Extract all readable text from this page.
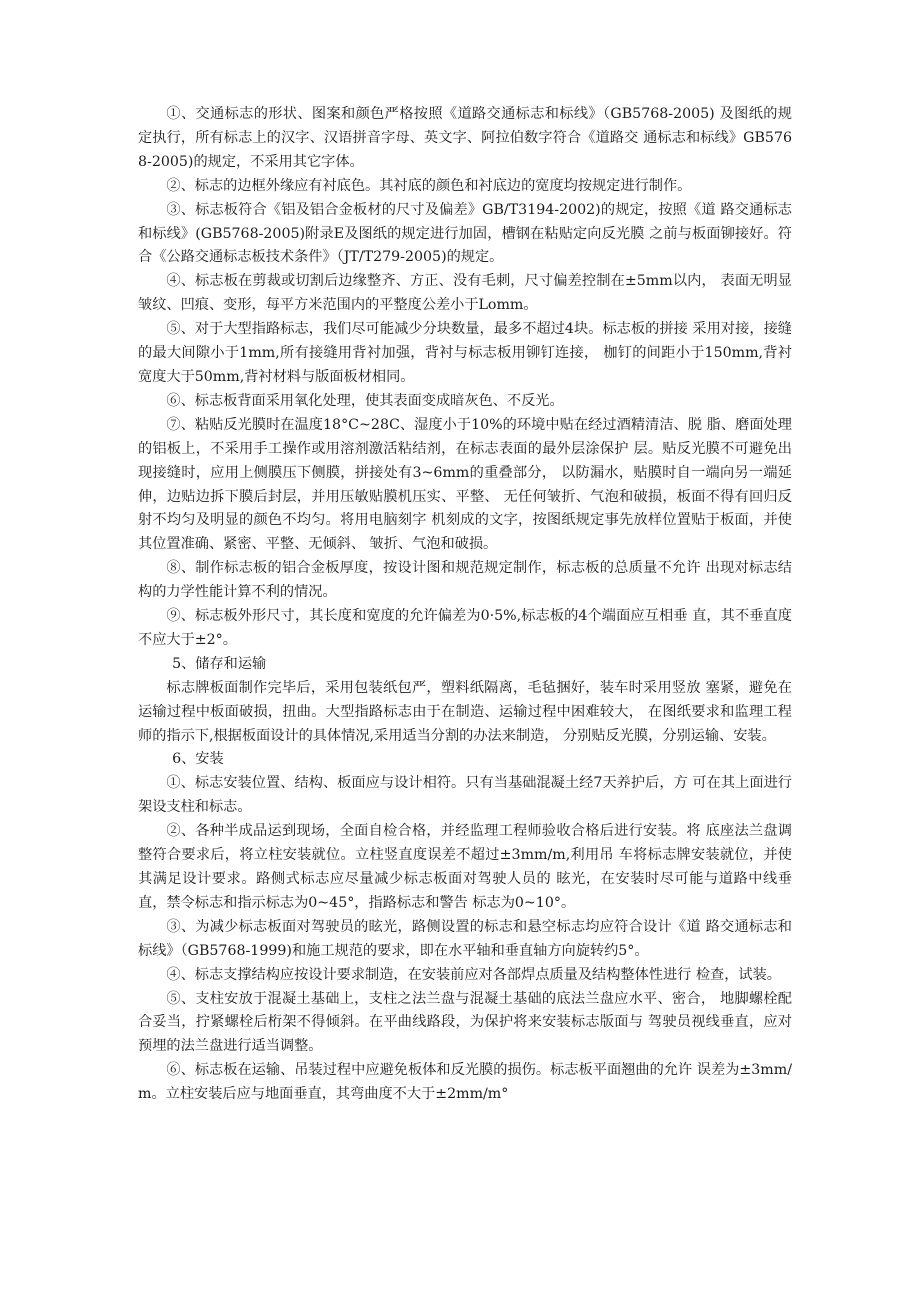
①、交通标志的形状、图案和颜色严格按照《道路交通标志和标线》（GB5768-2005) 及图纸的规定执行，所有标志上的汉字、汉语拼音字母、英文字、阿拉伯数字符合《道路交 通标志和标线》GB5768-2005)的规定，不采用其它字体。

②、标志的边框外缘应有衬底色。其衬底的颜色和衬底边的宽度均按规定进行制作。

③、标志板符合《铝及铝合金板材的尺寸及偏差》GB/T3194-2002)的规定，按照《道 路交通标志和标线》(GB5768-2005)附录E及图纸的规定进行加固，槽钢在粘贴定向反光膜 之前与板面铆接好。符合《公路交通标志板技术条件》（JT/T279-2005)的规定。

④、标志板在剪裁或切割后边缘整齐、方正、没有毛刺，尺寸偏差控制在±5mm以内， 表面无明显皱纹、凹痕、变形，每平方米范围内的平整度公差小于Lomm。

⑤、对于大型指路标志，我们尽可能减少分块数量，最多不超过4块。标志板的拼接 采用对接，接缝的最大间隙小于1mm,所有接缝用背衬加强，背衬与标志板用铆钉连接， 枷钉的间距小于150mm,背衬宽度大于50mm,背衬材料与版面板材相同。

⑥、标志板背面采用氧化处理，使其表面变成暗灰色、不反光。

⑦、粘贴反光膜时在温度18°C~28C、湿度小于10%的环境中贴在经过酒精清洁、脱 脂、磨面处理的铝板上，不采用手工操作或用溶剂激活粘结剂，在标志表面的最外层涂保护 层。贴反光膜不可避免出现接缝时，应用上侧膜压下侧膜，拼接处有3~6mm的重叠部分， 以防漏水，贴膜时自一端向另一端延伸，边贴边拆下膜后封层，并用压敏贴膜机压实、平整、 无任何皱折、气泡和破损，板面不得有回归反射不均匀及明显的颜色不均匀。将用电脑刻字 机刻成的文字，按图纸规定事先放样位置贴于板面，并使其位置准确、紧密、平整、无倾斜、 皱折、气泡和破损。

⑧、制作标志板的铝合金板厚度，按设计图和规范规定制作，标志板的总质量不允许 出现对标志结构的力学性能计算不利的情况。

⑨、标志板外形尺寸，其长度和宽度的允许偏差为0·5%,标志板的4个端面应互相垂 直，其不垂直度不应大于±2°。

5、储存和运输

标志牌板面制作完毕后，采用包装纸包严，塑料纸隔离，毛毡捆好，装车时采用竖放 塞紧，避免在运输过程中板面破损，扭曲。大型指路标志由于在制造、运输过程中困难较大， 在图纸要求和监理工程师的指示下,根据板面设计的具体情况,采用适当分割的办法来制造， 分别贴反光膜，分别运输、安装。

6、安装

①、标志安装位置、结构、板面应与设计相符。只有当基础混凝土经7天养护后，方 可在其上面进行架设支柱和标志。

②、各种半成品运到现场，全面自检合格，并经监理工程师验收合格后进行安装。将 底座法兰盘调整符合要求后，将立柱安装就位。立柱竖直度误差不超过±3mm∕m,利用吊 车将标志牌安装就位，并使其满足设计要求。路侧式标志应尽量减少标志板面对驾驶人员的 眩光，在安装时尽可能与道路中线垂直，禁令标志和指示标志为0~45°，指路标志和警告 标志为0~10°。

③、为减少标志板面对驾驶员的眩光，路侧设置的标志和悬空标志均应符合设计《道 路交通标志和标线》（GB5768-1999)和施工规范的要求，即在水平轴和垂直轴方向旋转约5°。

④、标志支撑结构应按设计要求制造，在安装前应对各部焊点质量及结构整体性进行 检查，试装。

⑤、支柱安放于混凝土基础上，支柱之法兰盘与混凝土基础的底法兰盘应水平、密合， 地脚螺栓配合妥当，拧紧螺栓后桁架不得倾斜。在平曲线路段，为保护将来安装标志版面与 驾驶员视线垂直，应对预埋的法兰盘进行适当调整。

⑥、标志板在运输、吊装过程中应避免板体和反光膜的损伤。标志板平面翘曲的允许 误差为±3mm/m。立柱安装后应与地面垂直，其弯曲度不大于±2mm∕m°
